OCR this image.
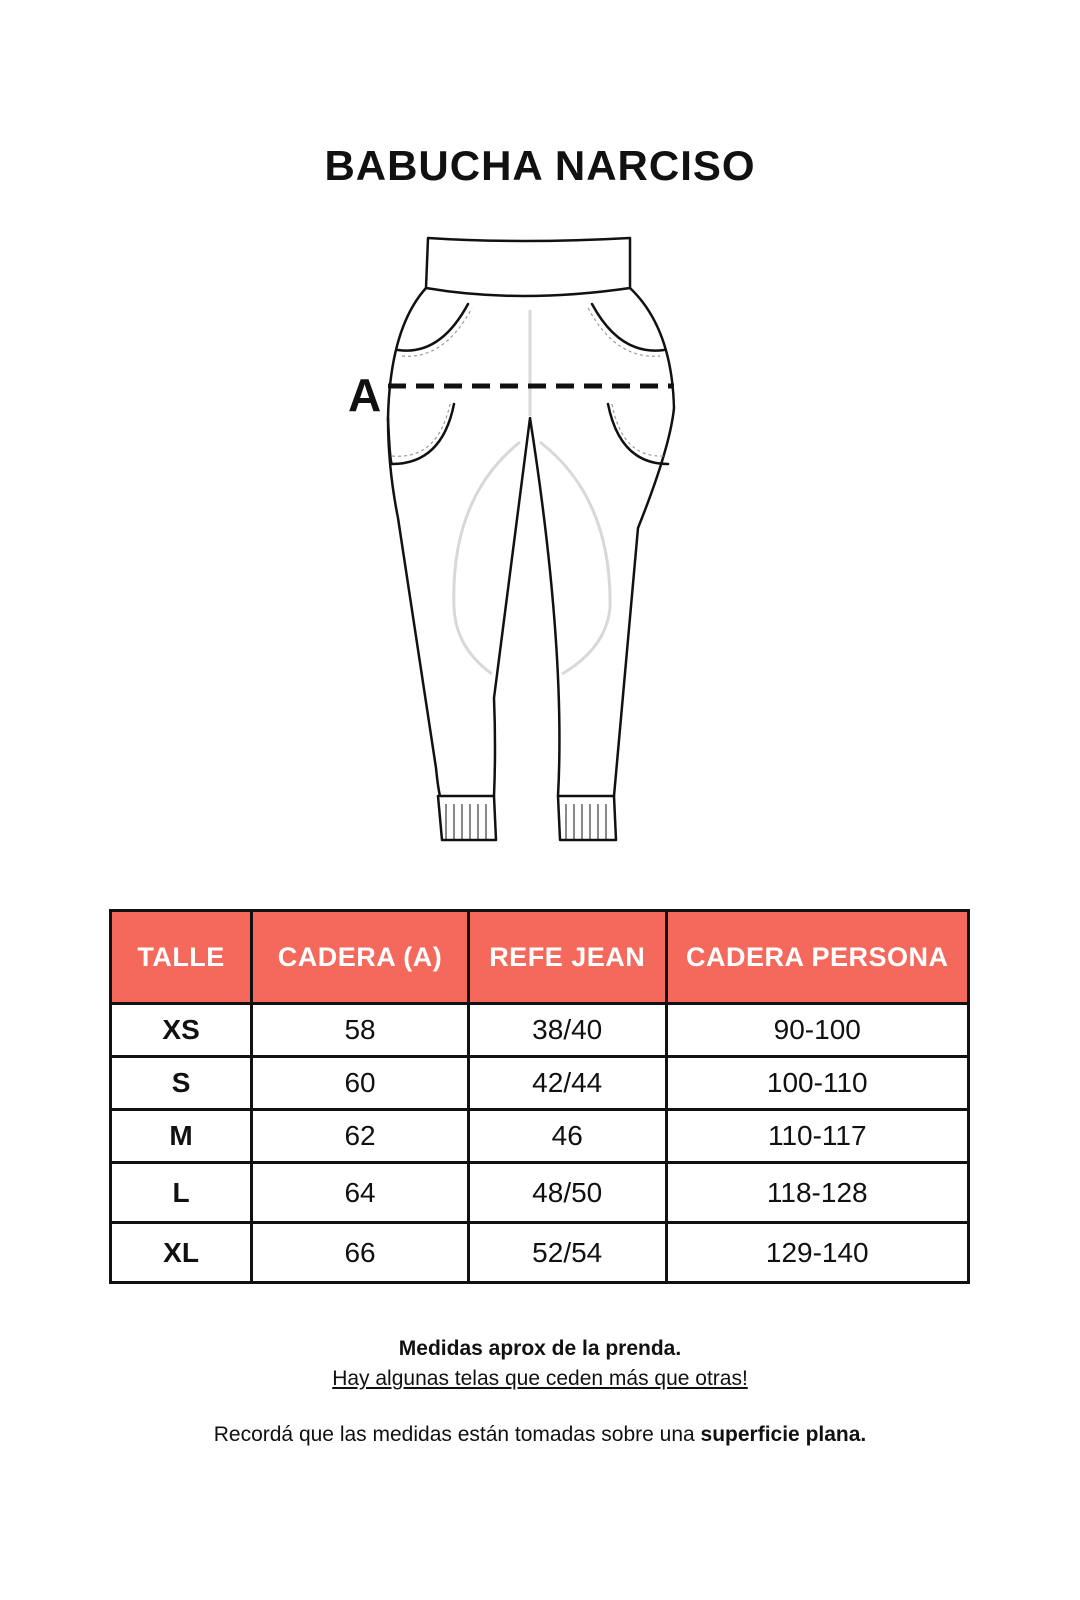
BABUCHA NARCISO
A
TALLE	CADERA (A)	REFE JEAN	CADERA PERSONA
XS	58	38/40	90-100
S	60	42/44	100-110
M	62	46	110-117
L	64	48/50	118-128
XL	66	52/54	129-140
Medidas aprox de la prenda.
Hay algunas telas que ceden más que otras!
Recordá que las medidas están tomadas sobre una superficie plana.
